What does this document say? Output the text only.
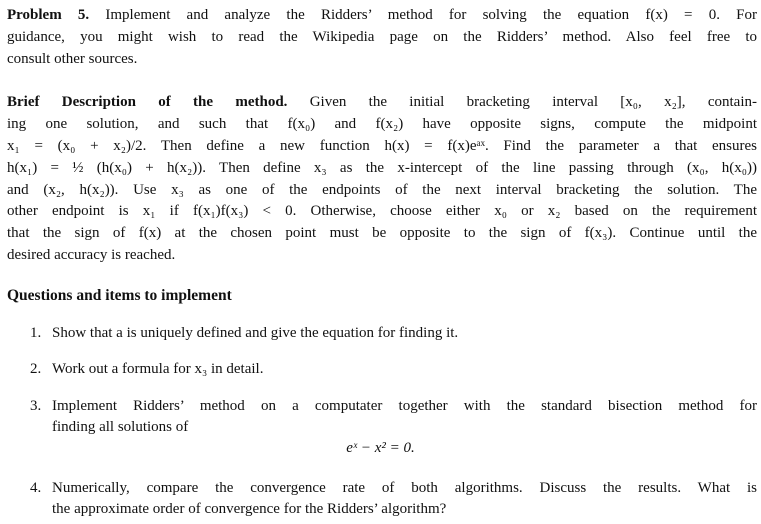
Problem 5. Implement and analyze the Ridders’ method for solving the equation f(x) = 0. For
guidance, you might wish to read the Wikipedia page on the Ridders’ method. Also feel free to
consult other sources.
Brief Description of the method. Given the initial bracketing interval [x₀, x₂], contain-
ing one solution, and such that f(x₀) and f(x₂) have opposite signs, compute the midpoint
x₁ = (x₀ + x₂)/2. Then define a new function h(x) = f(x)eᵃˣ. Find the parameter a that ensures
h(x₁) = ½ (h(x₀) + h(x₂)). Then define x₃ as the x-intercept of the line passing through (x₀, h(x₀))
and (x₂, h(x₂)). Use x₃ as one of the endpoints of the next interval bracketing the solution. The
other endpoint is x₁ if f(x₁)f(x₃) < 0. Otherwise, choose either x₀ or x₂ based on the requirement
that the sign of f(x) at the chosen point must be opposite to the sign of f(x₃). Continue until the
desired accuracy is reached.
Questions and items to implement
1. Show that a is uniquely defined and give the equation for finding it.
2. Work out a formula for x₃ in detail.
3. Implement Ridders’ method on a computater together with the standard bisection method for
finding all solutions of
eˣ − x² = 0.
4. Numerically, compare the convergence rate of both algorithms. Discuss the results. What is
the approximate order of convergence for the Ridders’ algorithm?
